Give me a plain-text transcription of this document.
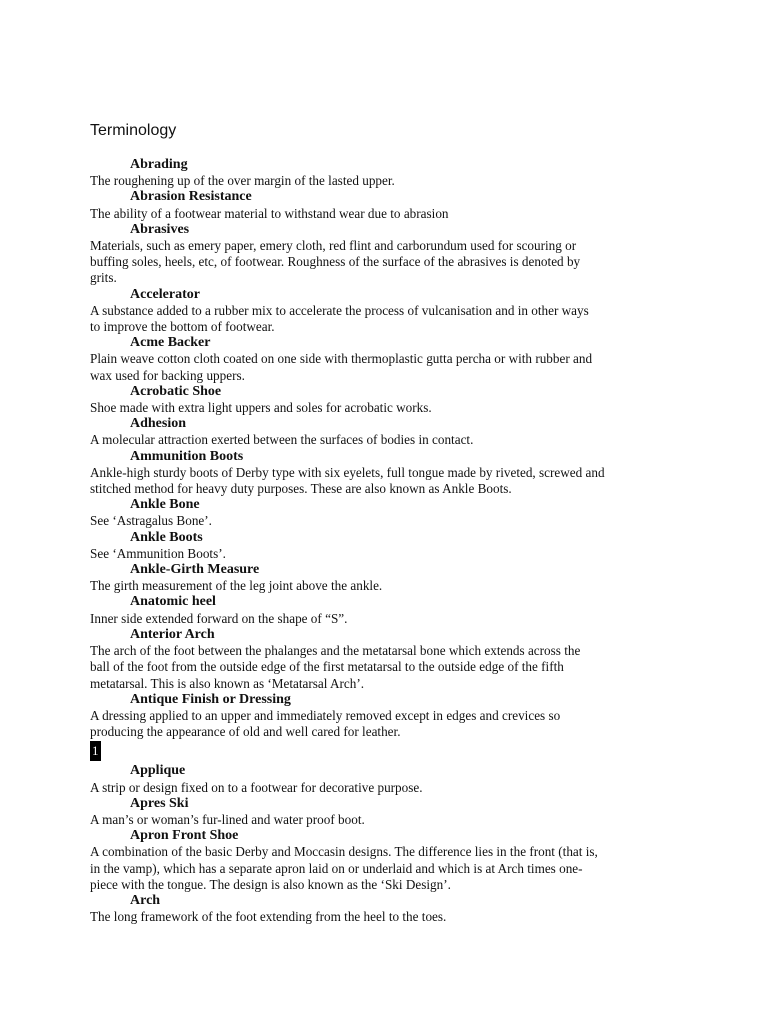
Terminology

Abrading

The roughening up of the over margin of the lasted upper.

Abrasion Resistance

The ability of a footwear material to withstand wear due to abrasion

Abrasives

Materials, such as emery paper, emery cloth, red flint and carborundum used for scouring or

buffing soles, heels, etc, of footwear. Roughness of the surface of the abrasives is denoted by

grits.

Accelerator

A substance added to a rubber mix to accelerate the process of vulcanisation and in other ways

to improve the bottom of footwear.

Acme Backer

Plain weave cotton cloth coated on one side with thermoplastic gutta percha or with rubber and

wax used for backing uppers.

Acrobatic Shoe

Shoe made with extra light uppers and soles for acrobatic works.

Adhesion

A molecular attraction exerted between the surfaces of bodies in contact.

Ammunition Boots

Ankle-high sturdy boots of Derby type with six eyelets, full tongue made by riveted, screwed and

stitched method for heavy duty purposes. These are also known as Ankle Boots.

Ankle Bone

See ‘Astragalus Bone’.

Ankle Boots

See ‘Ammunition Boots’.

Ankle-Girth Measure

The girth measurement of the leg joint above the ankle.

Anatomic heel

Inner side extended forward on the shape of “S”.

Anterior Arch

The arch of the foot between the phalanges and the metatarsal bone which extends across the

ball of the foot from the outside edge of the first metatarsal to the outside edge of the fifth

metatarsal. This is also known as ‘Metatarsal Arch’.

Antique Finish or Dressing

A dressing applied to an upper and immediately removed except in edges and crevices so

producing the appearance of old and well cared for leather.

1

Applique

A strip or design fixed on to a footwear for decorative purpose.

Apres Ski

A man’s or woman’s fur-lined and water proof boot.

Apron Front Shoe

A combination of the basic Derby and Moccasin designs. The difference lies in the front (that is,

in the vamp), which has a separate apron laid on or underlaid and which is at Arch times one-

piece with the tongue. The design is also known as the ‘Ski Design’.

Arch

The long framework of the foot extending from the heel to the toes.
